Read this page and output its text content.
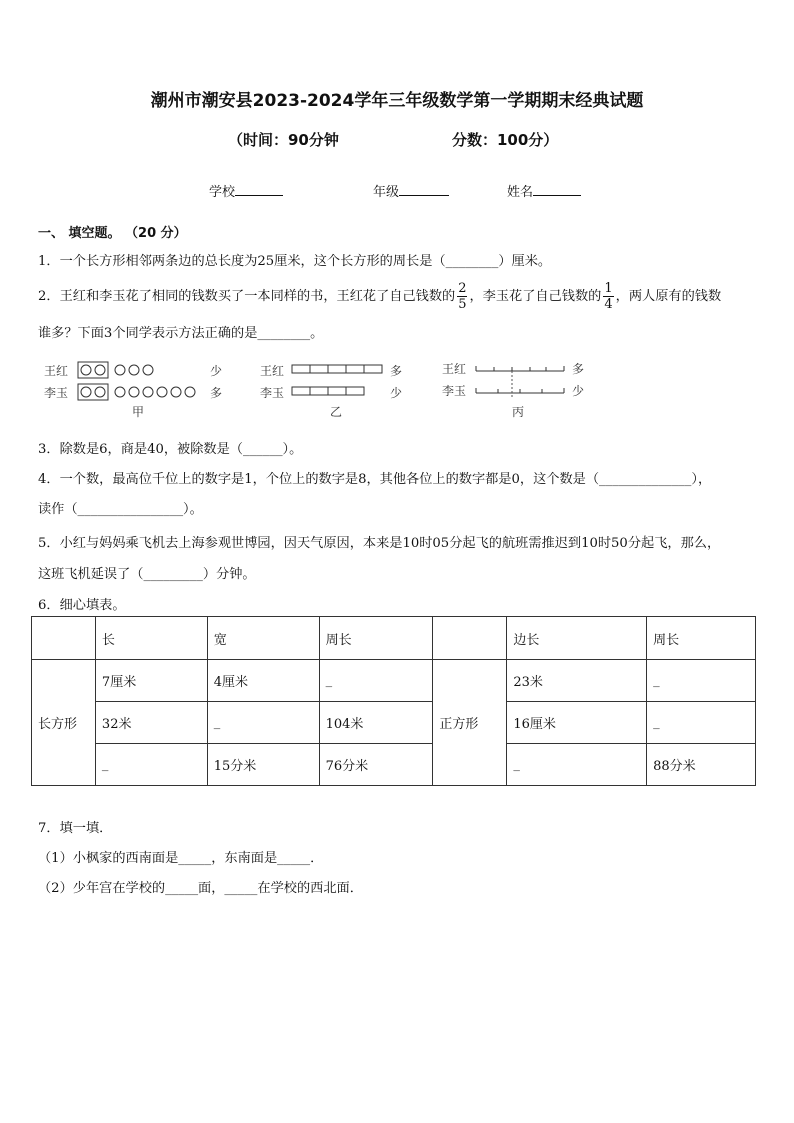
潮州市潮安县2023-2024学年三年级数学第一学期期末经典试题
（时间：90分钟	分数：100分）
学校	年级	姓名
一、 填空题。 （20 分）
1．一个长方形相邻两条边的总长度为25厘米，这个长方形的周长是（________）厘米。
2．王红和李玉花了相同的钱数买了一本同样的书，王红花了自己钱数的 $\frac{2}{5}$ ，李玉花了自己钱数的 $\frac{1}{4}$ ，两人原有的钱数
谁多？下面3个同学表示方法正确的是________。
王红
李玉
少
多
甲
王红
李玉
多
少
乙
王红
李玉
多
少
丙
3．除数是6，商是40，被除数是（______）。
4．一个数，最高位千位上的数字是1，个位上的数字是8，其他各位上的数字都是0，这个数是（______________），
读作（________________）。
5．小红与妈妈乘飞机去上海参观世博园，因天气原因，本来是10时05分起飞的航班需推迟到10时50分起飞，那么，
这班飞机延误了（_________）分钟。
6．细心填表。
	长	宽	周长		边长	周长
长方形	7厘米	4厘米	_	正方形	23米	_
	32米	_	104米		16厘米	_
	_	15分米	76分米		_	88分米
7．填一填．
（1）小枫家的西南面是_____，东南面是_____．
（2）少年宫在学校的_____面，_____在学校的西北面．
